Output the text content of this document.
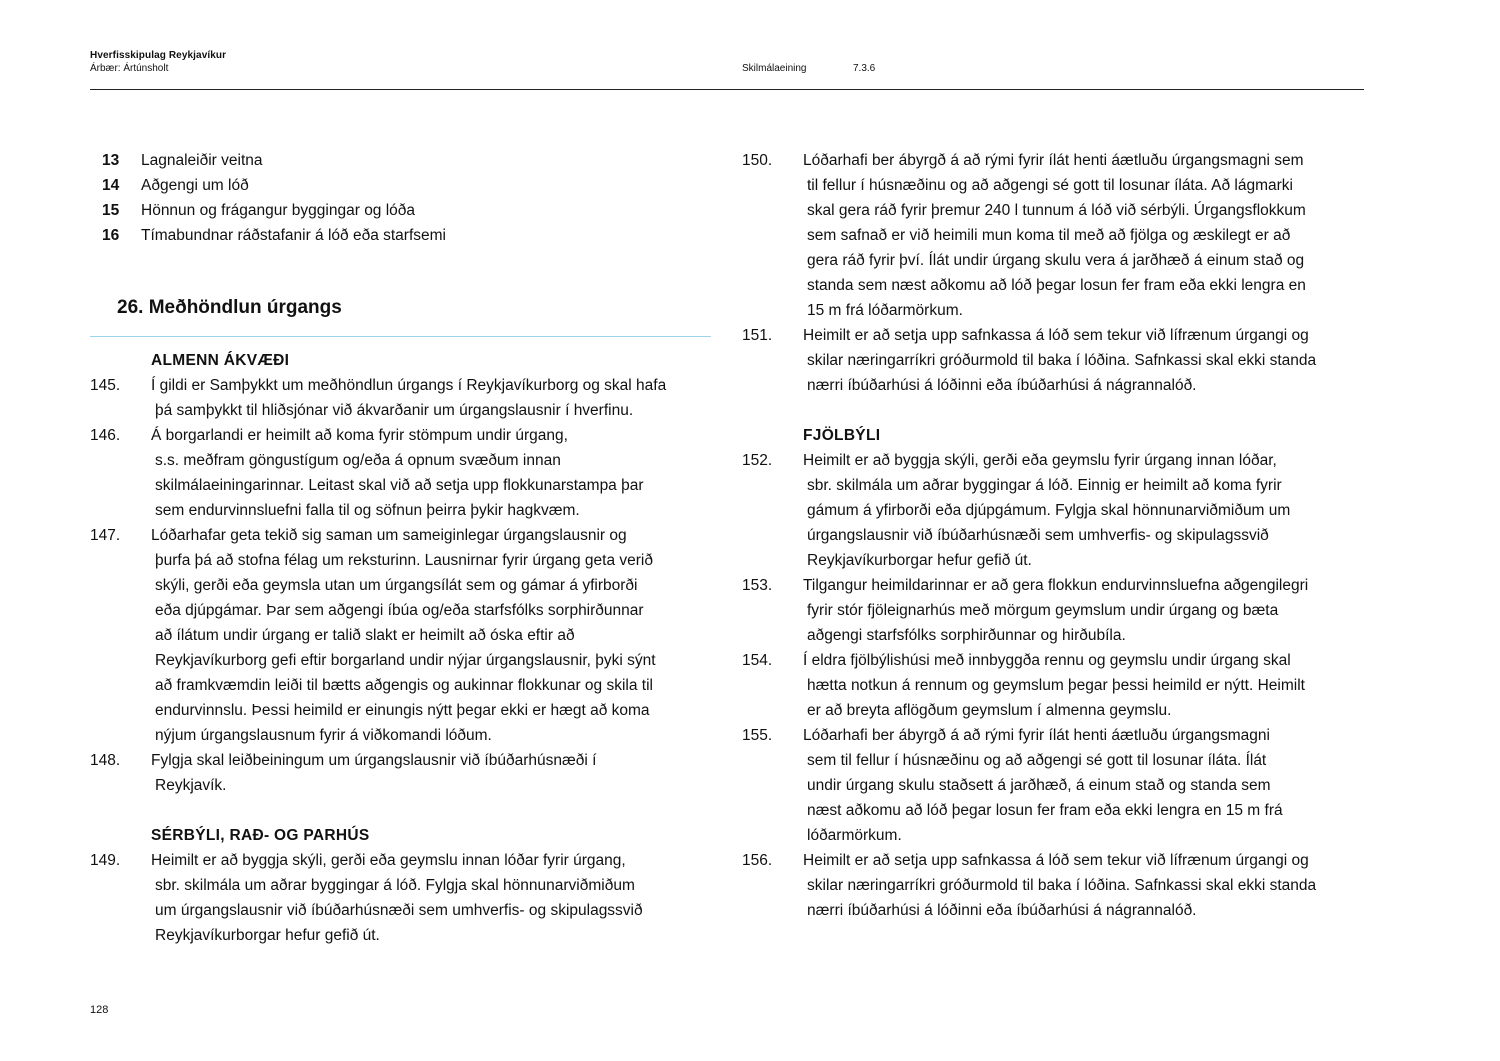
Hverfisskipulag Reykjavíkur
Árbær: Ártúnsholt	Skilmálaeining	7.3.6
13 Lagnaleiðir veitna
14 Aðgengi um lóð
15 Hönnun og frágangur byggingar og lóða
16 Tímabundnar ráðstafanir á lóð eða starfsemi
26. Meðhöndlun úrgangs
ALMENN ÁKVÆÐI
145.	Í gildi er Samþykkt um meðhöndlun úrgangs í Reykjavíkurborg og skal hafa
þá samþykkt til hliðsjónar við ákvarðanir um úrgangslausnir í hverfinu.
146.	Á borgarlandi er heimilt að koma fyrir stömpum undir úrgang,
s.s. meðfram göngustígum og/eða á opnum svæðum innan
skilmálaeiningarinnar. Leitast skal við að setja upp flokkunarstampa þar
sem endurvinnsluefni falla til og söfnun þeirra þykir hagkvæm.
147.	Lóðarhafar geta tekið sig saman um sameiginlegar úrgangslausnir og
þurfa þá að stofna félag um reksturinn. Lausnirnar fyrir úrgang geta verið
skýli, gerði eða geymsla utan um úrgangsílát sem og gámar á yfirborði
eða djúpgámar. Þar sem aðgengi íbúa og/eða starfsfólks sorphirðunnar
að ílátum undir úrgang er talið slakt er heimilt að óska eftir að
Reykjavíkurborg gefi eftir borgarland undir nýjar úrgangslausnir, þyki sýnt
að framkvæmdin leiði til bætts aðgengis og aukinnar flokkunar og skila til
endurvinnslu. Þessi heimild er einungis nýtt þegar ekki er hægt að koma
nýjum úrgangslausnum fyrir á viðkomandi lóðum.
148.	Fylgja skal leiðbeiningum um úrgangslausnir við íbúðarhúsnæði í
Reykjavík.
SÉRBÝLI, RAÐ- OG PARHÚS
149.	Heimilt er að byggja skýli, gerði eða geymslu innan lóðar fyrir úrgang,
sbr. skilmála um aðrar byggingar á lóð. Fylgja skal hönnunarviðmiðum
um úrgangslausnir við íbúðarhúsnæði sem umhverfis- og skipulagssvið
Reykjavíkurborgar hefur gefið út.
150.	Lóðarhafi ber ábyrgð á að rými fyrir ílát henti áætluðu úrgangsmagni sem
til fellur í húsnæðinu og að aðgengi sé gott til losunar íláta. Að lágmarki
skal gera ráð fyrir þremur 240 l tunnum á lóð við sérbýli. Úrgangsflokkum
sem safnað er við heimili mun koma til með að fjölga og æskilegt er að
gera ráð fyrir því. Ílát undir úrgang skulu vera á jarðhæð á einum stað og
standa sem næst aðkomu að lóð þegar losun fer fram eða ekki lengra en
15 m frá lóðarmörkum.
151.	Heimilt er að setja upp safnkassa á lóð sem tekur við lífrænum úrgangi og
skilar næringarríkri gróðurmold til baka í lóðina. Safnkassi skal ekki standa
nærri íbúðarhúsi á lóðinni eða íbúðarhúsi á nágrannalóð.
FJÖLBÝLI
152.	Heimilt er að byggja skýli, gerði eða geymslu fyrir úrgang innan lóðar,
sbr. skilmála um aðrar byggingar á lóð. Einnig er heimilt að koma fyrir
gámum á yfirborði eða djúpgámum. Fylgja skal hönnunarviðmiðum um
úrgangslausnir við íbúðarhúsnæði sem umhverfis- og skipulagssvið
Reykjavíkurborgar hefur gefið út.
153.	Tilgangur heimildarinnar er að gera flokkun endurvinnsluefna aðgengilegri
fyrir stór fjöleignarhús með mörgum geymslum undir úrgang og bæta
aðgengi starfsfólks sorphirðunnar og hirðubíla.
154.	Í eldra fjölbýlishúsi með innbyggða rennu og geymslu undir úrgang skal
hætta notkun á rennum og geymslum þegar þessi heimild er nýtt. Heimilt
er að breyta aflögðum geymslum í almenna geymslu.
155.	Lóðarhafi ber ábyrgð á að rými fyrir ílát henti áætluðu úrgangsmagni
sem til fellur í húsnæðinu og að aðgengi sé gott til losunar íláta. Ílát
undir úrgang skulu staðsett á jarðhæð, á einum stað og standa sem
næst aðkomu að lóð þegar losun fer fram eða ekki lengra en 15 m frá
lóðarmörkum.
156.	Heimilt er að setja upp safnkassa á lóð sem tekur við lífrænum úrgangi og
skilar næringarríkri gróðurmold til baka í lóðina. Safnkassi skal ekki standa
nærri íbúðarhúsi á lóðinni eða íbúðarhúsi á nágrannalóð.
128
